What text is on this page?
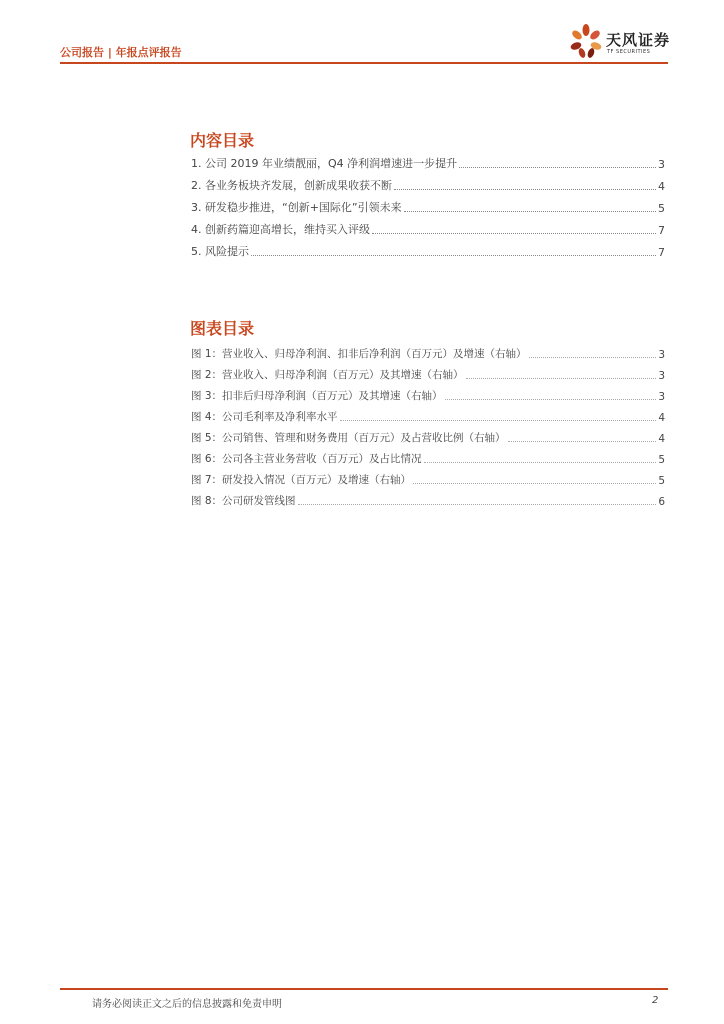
公司报告 | 年报点评报告
天风证券
TF SECURITIES
内容目录
1. 公司 2019 年业绩靓丽，Q4 净利润增速进一步提升	3
2. 各业务板块齐发展，创新成果收获不断	4
3. 研发稳步推进，“创新+国际化”引领未来	5
4. 创新药篇迎高增长，维持买入评级	7
5. 风险提示	7
图表目录
图 1：营业收入、归母净利润、扣非后净利润（百万元）及增速（右轴）	3
图 2：营业收入、归母净利润（百万元）及其增速（右轴）	3
图 3：扣非后归母净利润（百万元）及其增速（右轴）	3
图 4：公司毛利率及净利率水平	4
图 5：公司销售、管理和财务费用（百万元）及占营收比例（右轴）	4
图 6：公司各主营业务营收（百万元）及占比情况	5
图 7：研发投入情况（百万元）及增速（右轴）	5
图 8：公司研发管线图	6
请务必阅读正文之后的信息披露和免责申明	2
